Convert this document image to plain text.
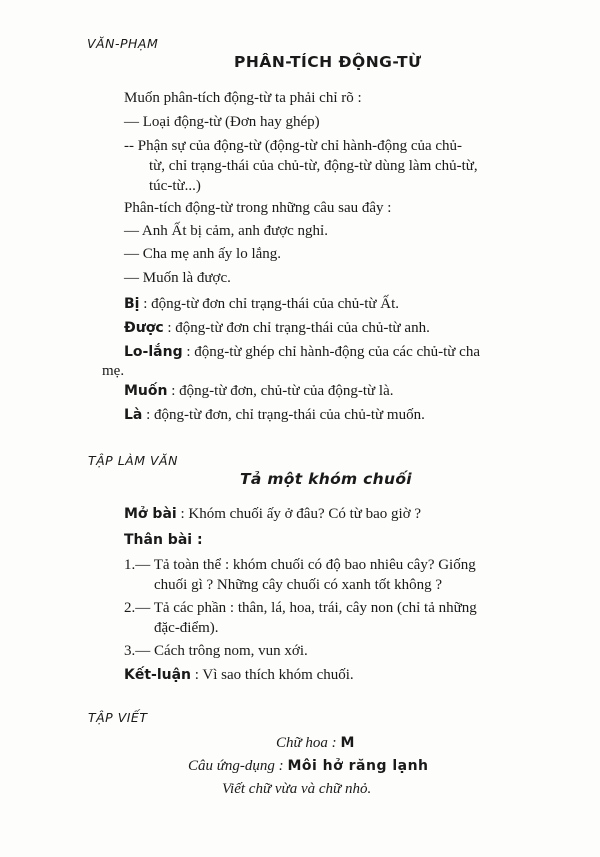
VĂN-PHẠM
PHÂN-TÍCH ĐỘNG-TỪ
Muốn phân-tích động-từ ta phải chỉ rõ :
— Loại động-từ (Đơn hay ghép)
-- Phận sự của động-từ (động-từ chỉ hành-động của chủ-
từ, chỉ trạng-thái của chủ-từ, động-từ dùng làm chủ-từ,
túc-từ...)
Phân-tích động-từ trong những câu sau đây :
— Anh Ất bị cảm, anh được nghỉ.
— Cha mẹ anh ấy lo lắng.
— Muốn là được.
Bị : động-từ đơn chỉ trạng-thái của chủ-từ Ất.
Được : động-từ đơn chỉ trạng-thái của chủ-từ anh.
Lo-lắng : động-từ ghép chỉ hành-động của các chủ-từ cha
mẹ.
Muốn : động-từ đơn, chủ-từ của động-từ là.
Là : động-từ đơn, chỉ trạng-thái của chủ-từ muốn.
TẬP LÀM VĂN
Tả một khóm chuối
Mở bài : Khóm chuối ấy ở đâu? Có từ bao giờ ?
Thân bài :
1.— Tả toàn thể : khóm chuối có độ bao nhiêu cây? Giống
chuối gì ? Những cây chuối có xanh tốt không ?
2.— Tả các phần : thân, lá, hoa, trái, cây non (chỉ tả những
đặc-điểm).
3.— Cách trông nom, vun xới.
Kết-luận : Vì sao thích khóm chuối.
TẬP VIẾT
Chữ hoa : M
Câu ứng-dụng : Môi hở răng lạnh
Viết chữ vừa và chữ nhỏ.
